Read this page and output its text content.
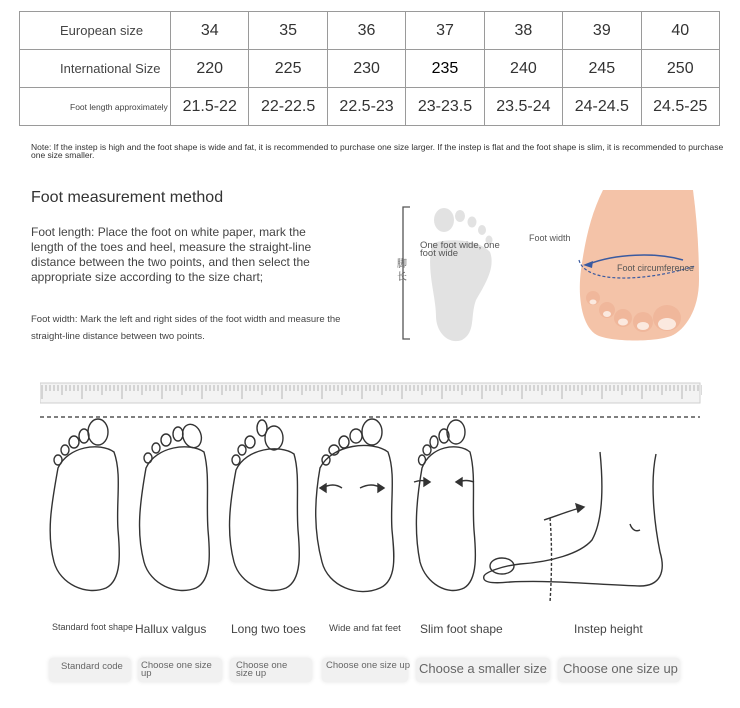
European size	34	35	36	37	38	39	40
International Size	220	225	230	235	240	245	250
Foot length approximately	21.5-22	22-22.5	22.5-23	23-23.5	23.5-24	24-24.5	24.5-25
Note: If the instep is high and the foot shape is wide and fat, it is recommended to purchase one size larger. If the instep is flat and the foot shape is slim, it is recommended to purchase one size smaller.
Foot measurement method
Foot length: Place the foot on white paper, mark the length of the toes and heel, measure the straight-line distance between the two points, and then select the appropriate size according to the size chart;
Foot width: Mark the left and right sides of the foot width and measure the straight-line distance between two points.
One foot wide, one foot wide
脚长
Foot width
Foot circumference
Standard foot shape Hallux valgus Long two toes Wide and fat feet Slim foot shape	Instep height
Standard code Choose one size up
Choose one size up
Choose one size up Choose a smaller size Choose one size up
